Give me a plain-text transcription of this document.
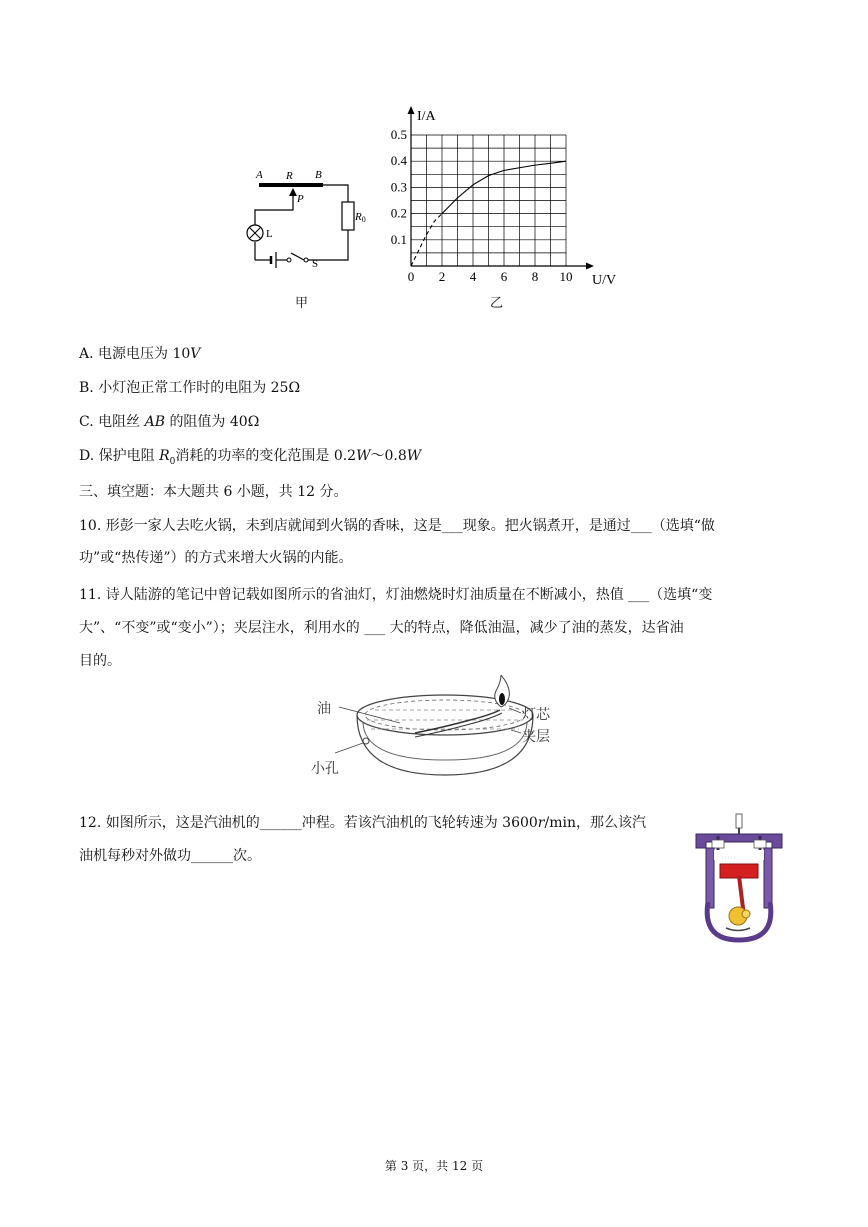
A R B
P
L
S
R0
甲
I/A
U/V
0 2 4 6 8 10
0.1
0.2
0.3
0.4
0.5
乙
A. 电源电压为 10V
B. 小灯泡正常工作时的电阻为 25Ω
C. 电阻丝 AB 的阻值为 40Ω
D. 保护电阻 $R_0$消耗的功率的变化范围是 0.2W～0.8W
三、填空题：本大题共 6 小题，共 12 分。
10. 形彭一家人去吃火锅，未到店就闻到火锅的香味，这是___现象。把火锅煮开，是通过___（选填“做
功”或“热传递”）的方式来增大火锅的内能。
11. 诗人陆游的笔记中曾记载如图所示的省油灯，灯油燃烧时灯油质量在不断减小，热值 ___（选填“变
大”、“不变”或“变小”）；夹层注水，利用水的 ___ 大的特点，降低油温，减少了油的蒸发，达省油
目的。
油	灯芯
夹层
小孔
12. 如图所示，这是汽油机的______冲程。若该汽油机的飞轮转速为 3600r/min，那么该汽
油机每秒对外做功______次。	. . . . .
第 3 页，共 12 页
